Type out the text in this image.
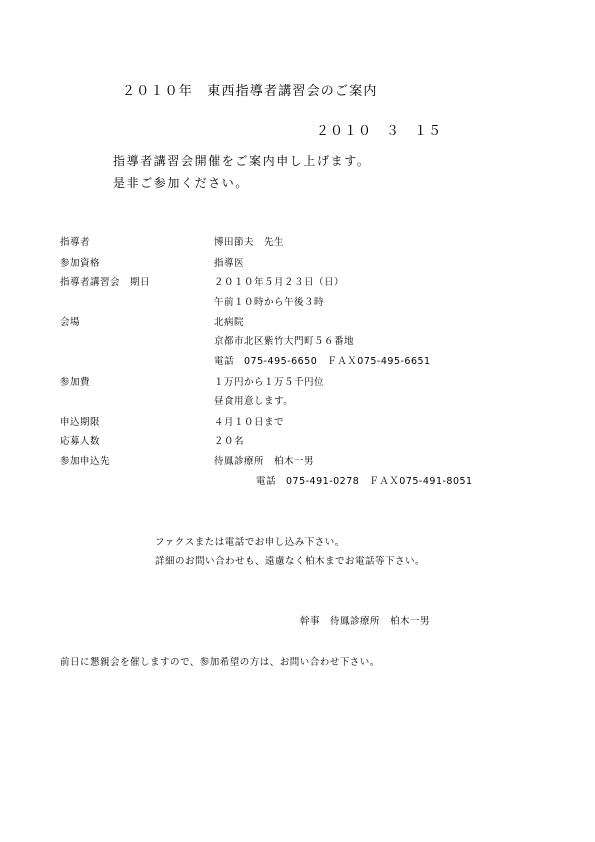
２０１０年　東西指導者講習会のご案内
２０１０　３　１５
指導者講習会開催をご案内申し上げます。
是非ご参加ください。
指導者	博田節夫　先生
参加資格	指導医
指導者講習会　期日	２０１０年５月２３日（日）
午前１０時から午後３時
会場	北病院
京都市北区紫竹大門町５６番地
電話　075-495-6650　ＦＡＸ075-495-6651
参加費	１万円から１万５千円位
昼食用意します。
申込期限	４月１０日まで
応募人数	２０名
参加申込先	待鳳診療所　柏木一男
電話　075-491-0278　ＦＡＸ075-491-8051
ファクスまたは電話でお申し込み下さい。
詳細のお問い合わせも、遠慮なく柏木までお電話等下さい。
幹事　待鳳診療所　柏木一男
前日に懇親会を催しますので、参加希望の方は、お問い合わせ下さい。
